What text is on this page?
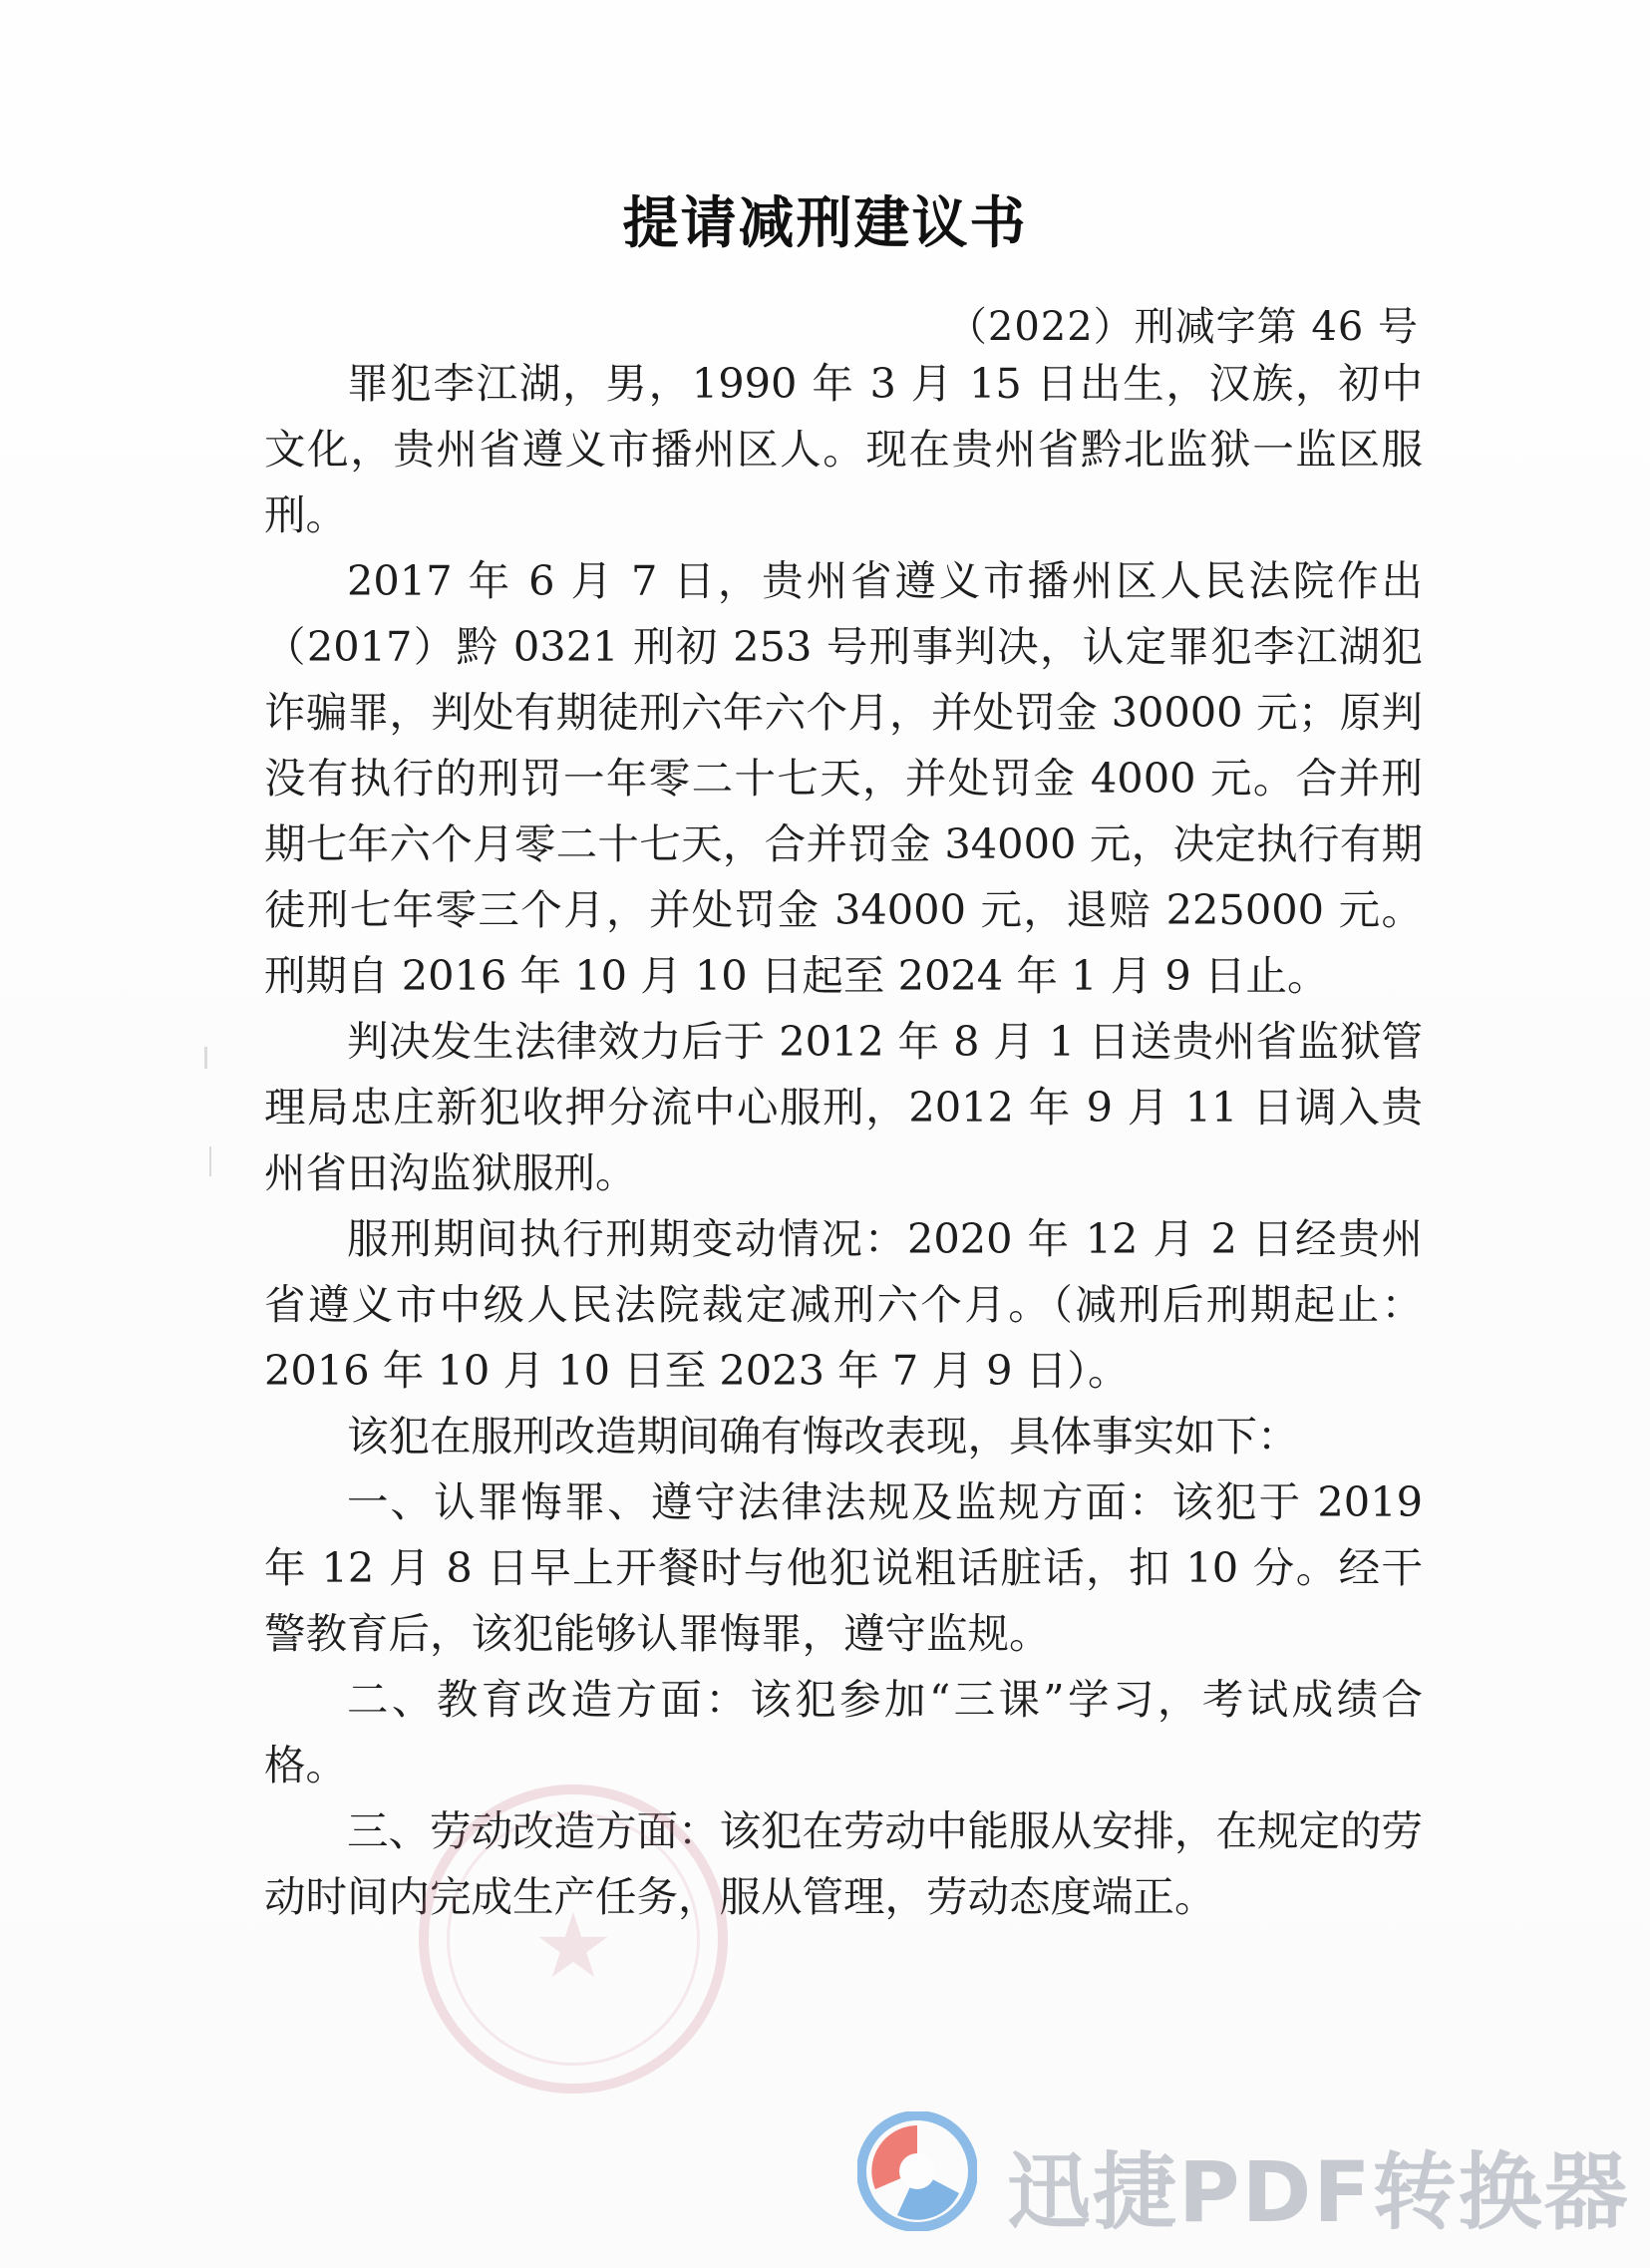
提请减刑建议书
（2022）刑减字第 46 号

罪犯李江湖，男，1990 年 3 月 15 日出生，汉族，初中文化，贵州省遵义市播州区人。现在贵州省黔北监狱一监区服刑。

2017 年 6 月 7 日，贵州省遵义市播州区人民法院作出（2017）黔 0321 刑初 253 号刑事判决，认定罪犯李江湖犯诈骗罪，判处有期徒刑六年六个月，并处罚金 30000 元；原判没有执行的刑罚一年零二十七天，并处罚金 4000 元。合并刑期七年六个月零二十七天，合并罚金 34000 元，决定执行有期徒刑七年零三个月，并处罚金 34000 元，退赔 225000 元。刑期自 2016 年 10 月 10 日起至 2024 年 1 月 9 日止。

判决发生法律效力后于 2012 年 8 月 1 日送贵州省监狱管理局忠庄新犯收押分流中心服刑，2012 年 9 月 11 日调入贵州省田沟监狱服刑。

服刑期间执行刑期变动情况：2020 年 12 月 2 日经贵州省遵义市中级人民法院裁定减刑六个月。（减刑后刑期起止：2016 年 10 月 10 日至 2023 年 7 月 9 日）。

该犯在服刑改造期间确有悔改表现，具体事实如下：

一、认罪悔罪、遵守法律法规及监规方面：该犯于 2019 年 12 月 8 日早上开餐时与他犯说粗话脏话，扣 10 分。经干警教育后，该犯能够认罪悔罪，遵守监规。

二、教育改造方面：该犯参加“三课”学习，考试成绩合格。

三、劳动改造方面：该犯在劳动中能服从安排，在规定的劳动时间内完成生产任务，服从管理，劳动态度端正。

★
迅捷PDF转换器
